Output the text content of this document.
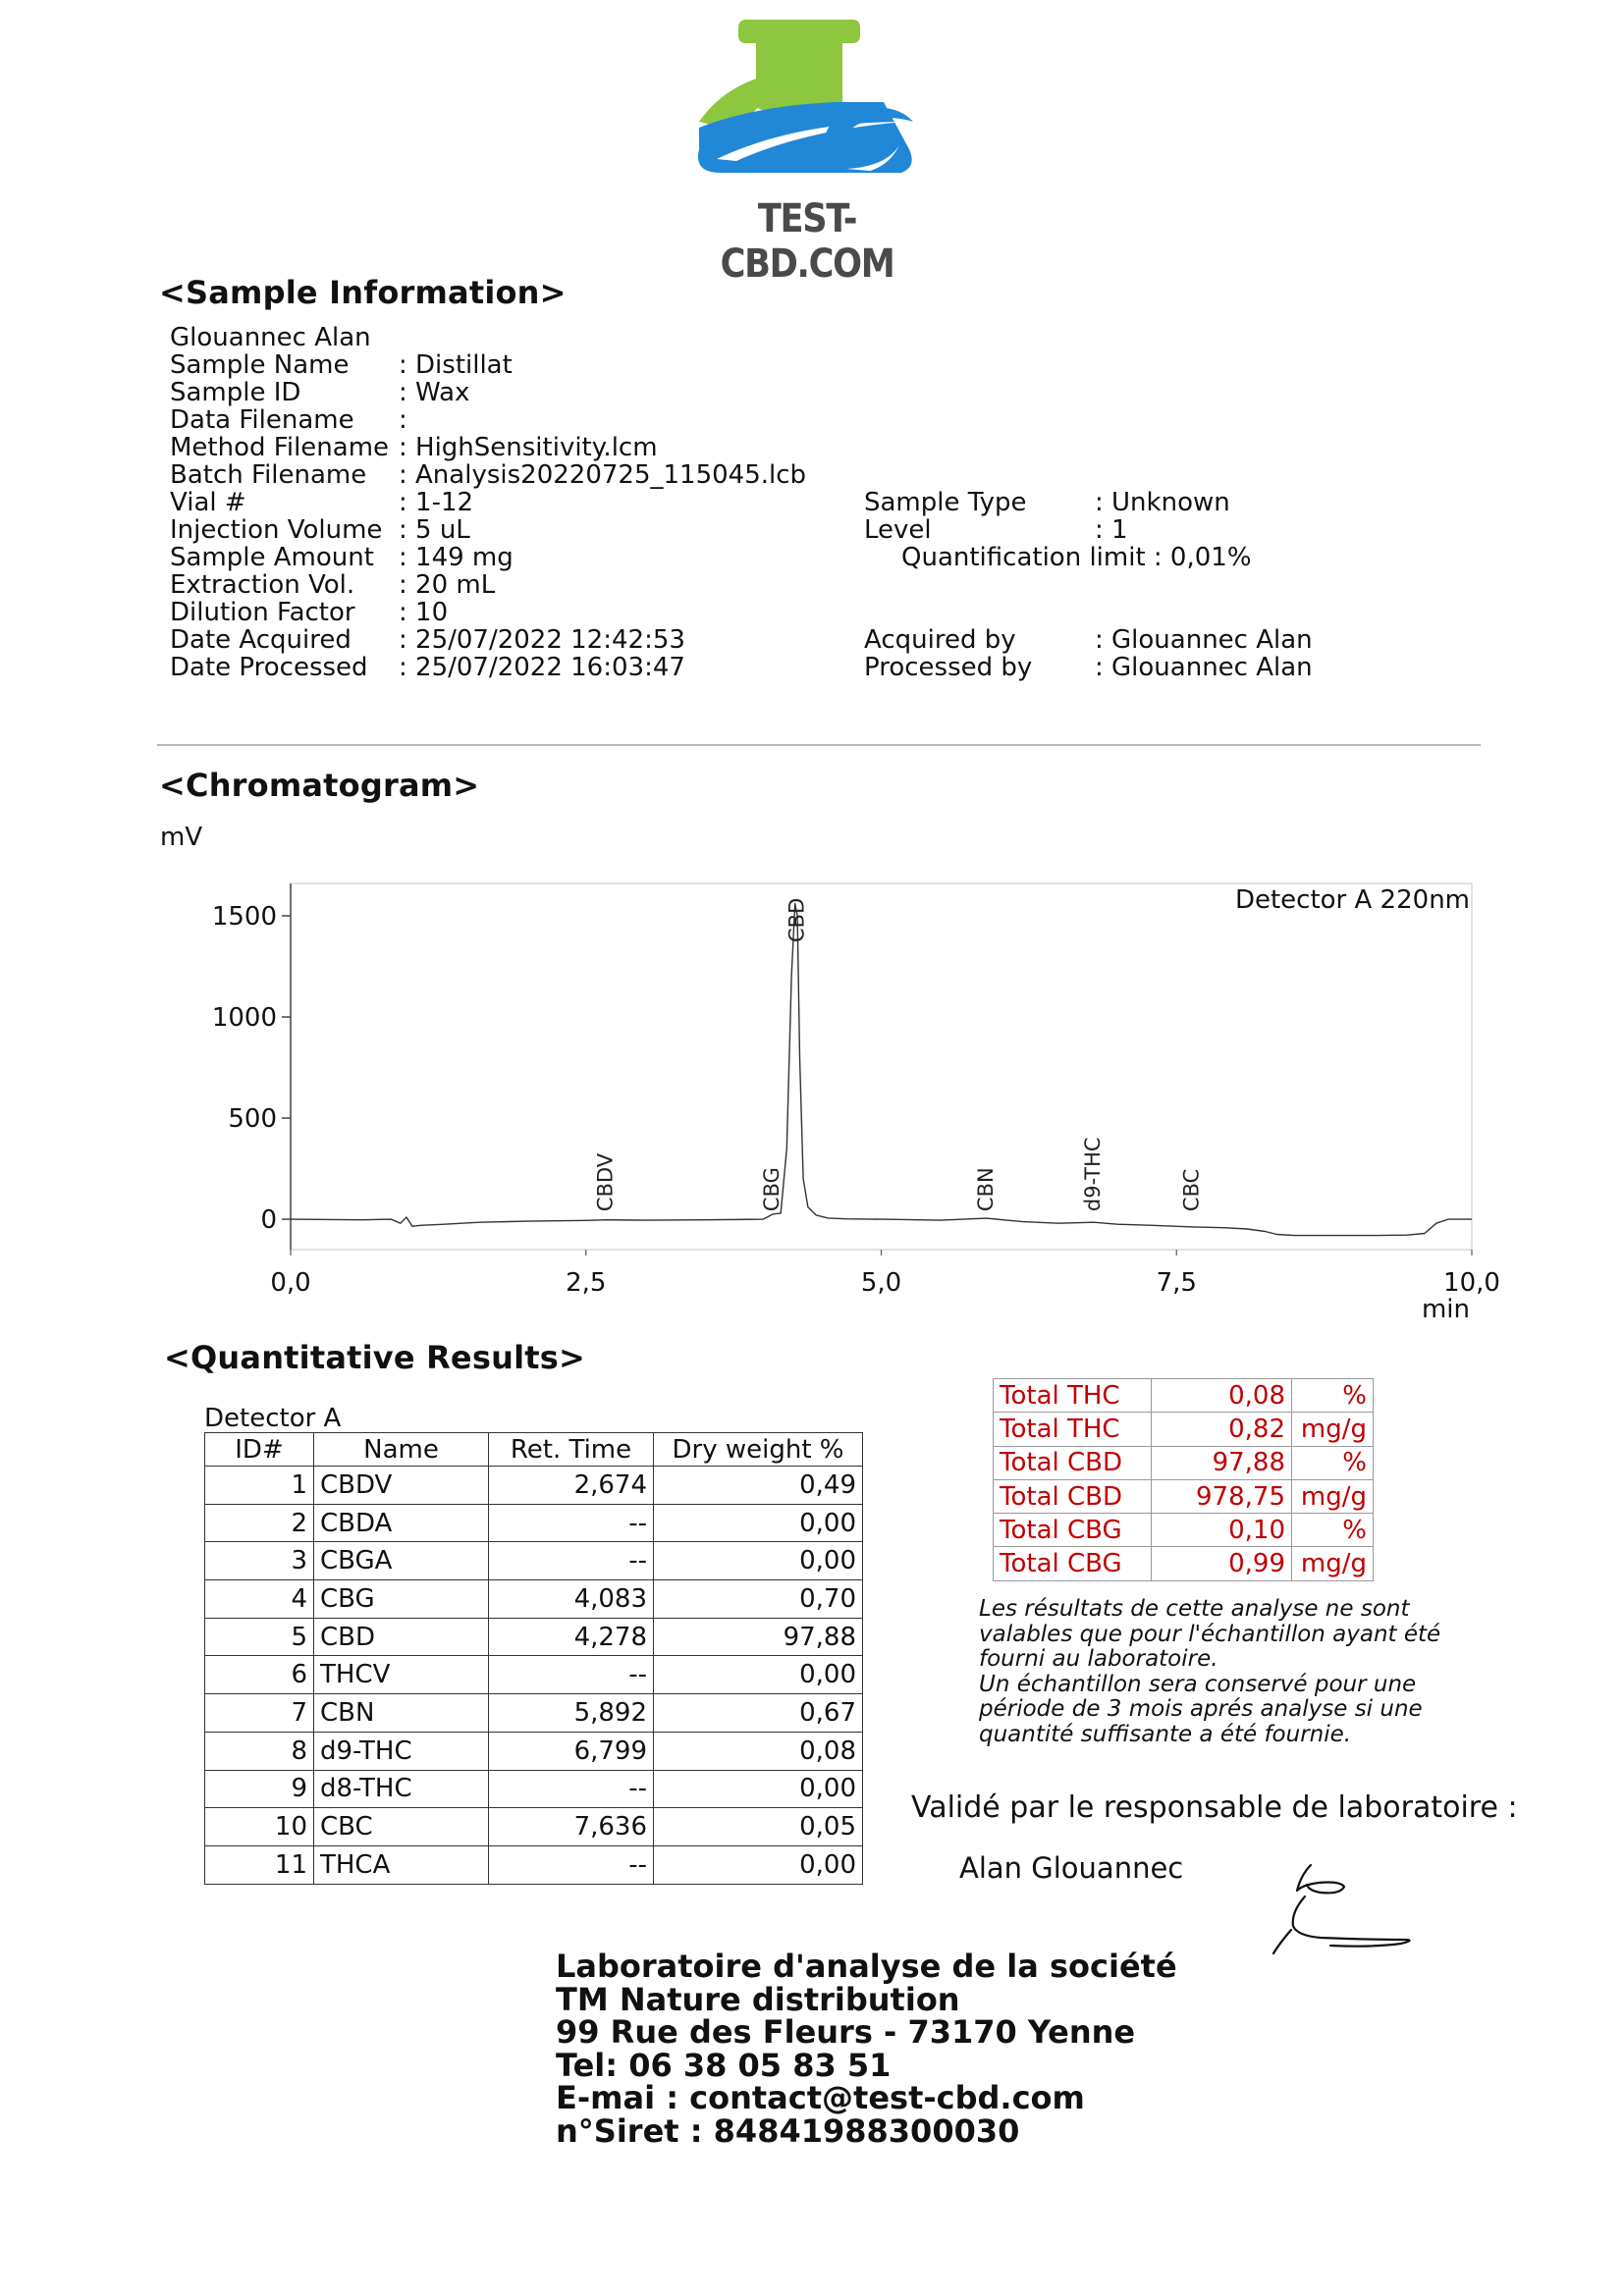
TEST-CBD.COM
<Sample Information>
Glouannec Alan
Sample Name : Distillat
Sample ID	: Wax
Data Filename :
Method Filename : HighSensitivity.lcm
Batch Filename : Analysis20220725_115045.lcb
Vial #	: 1-12
Injection Volume : 5 uL
Sample Amount : 149 mg
Extraction Vol. : 20 mL
Dilution Factor : 10
Date Acquired : 25/07/2022 12:42:53
Date Processed : 25/07/2022 16:03:47
Sample Type	: Unknown
Level	: 1
Quantification limit : 0,01%
Acquired by	: Glouannec Alan
Processed by : Glouannec Alan
<Chromatogram>
mV
0
500
1000
1500
0,0	2,5	5,0	7,5	10,0
min
Detector A 220nm
CBDV	CBG
CBD
CBN	d9-THC	CBC
<Quantitative Results>
Detector A
ID#	Name	Ret. Time	Dry weight %
1	CBDV	2,674	0,49
2	CBDA	--	0,00
3	CBGA	--	0,00
4	CBG	4,083	0,70
5	CBD	4,278	97,88
6	THCV	--	0,00
7	CBN	5,892	0,67
8	d9-THC	6,799	0,08
9	d8-THC	--	0,00
10	CBC	7,636	0,05
11	THCA	--	0,00
Total THC	0,08	%
Total THC	0,82	mg/g
Total CBD	97,88	%
Total CBD	978,75	mg/g
Total CBG	0,10	%
Total CBG	0,99	mg/g
Les résultats de cette analyse ne sont
valables que pour l'échantillon ayant été
fourni au laboratoire.
Un échantillon sera conservé pour une
période de 3 mois aprés analyse si une
quantité suffisante a été fournie.
Validé par le responsable de laboratoire :
Alan Glouannec
Laboratoire d'analyse de la société
TM Nature distribution
99 Rue des Fleurs - 73170 Yenne
Tel: 06 38 05 83 51
E-mai : contact@test-cbd.com
n°Siret : 84841988300030
